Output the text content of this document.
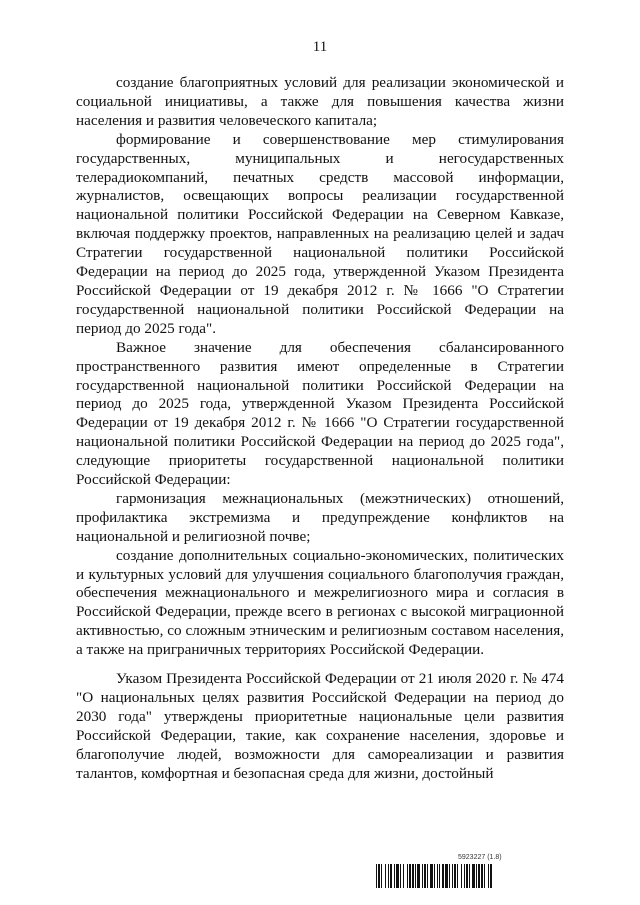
11

создание благоприятных условий для реализации экономической и социальной инициативы, а также для повышения качества жизни населения и развития человеческого капитала;

формирование и совершенствование мер стимулирования государственных, муниципальных и негосударственных телерадиокомпаний, печатных средств массовой информации, журналистов, освещающих вопросы реализации государственной национальной политики Российской Федерации на Северном Кавказе, включая поддержку проектов, направленных на реализацию целей и задач Стратегии государственной национальной политики Российской Федерации на период до 2025 года, утвержденной Указом Президента Российской Федерации от 19 декабря 2012 г. № 1666 "О Стратегии государственной национальной политики Российской Федерации на период до 2025 года".

Важное значение для обеспечения сбалансированного пространственного развития имеют определенные в Стратегии государственной национальной политики Российской Федерации на период до 2025 года, утвержденной Указом Президента Российской Федерации от 19 декабря 2012 г. № 1666 "О Стратегии государственной национальной политики Российской Федерации на период до 2025 года", следующие приоритеты государственной национальной политики Российской Федерации:

гармонизация межнациональных (межэтнических) отношений, профилактика экстремизма и предупреждение конфликтов на национальной и религиозной почве;

создание дополнительных социально-экономических, политических и культурных условий для улучшения социального благополучия граждан, обеспечения межнационального и межрелигиозного мира и согласия в Российской Федерации, прежде всего в регионах с высокой миграционной активностью, со сложным этническим и религиозным составом населения, а также на приграничных территориях Российской Федерации.

Указом Президента Российской Федерации от 21 июля 2020 г. № 474 "О национальных целях развития Российской Федерации на период до 2030 года" утверждены приоритетные национальные цели развития Российской Федерации, такие, как сохранение населения, здоровье и благополучие людей, возможности для самореализации и развития талантов, комфортная и безопасная среда для жизни, достойный

5923227 (1.8)
